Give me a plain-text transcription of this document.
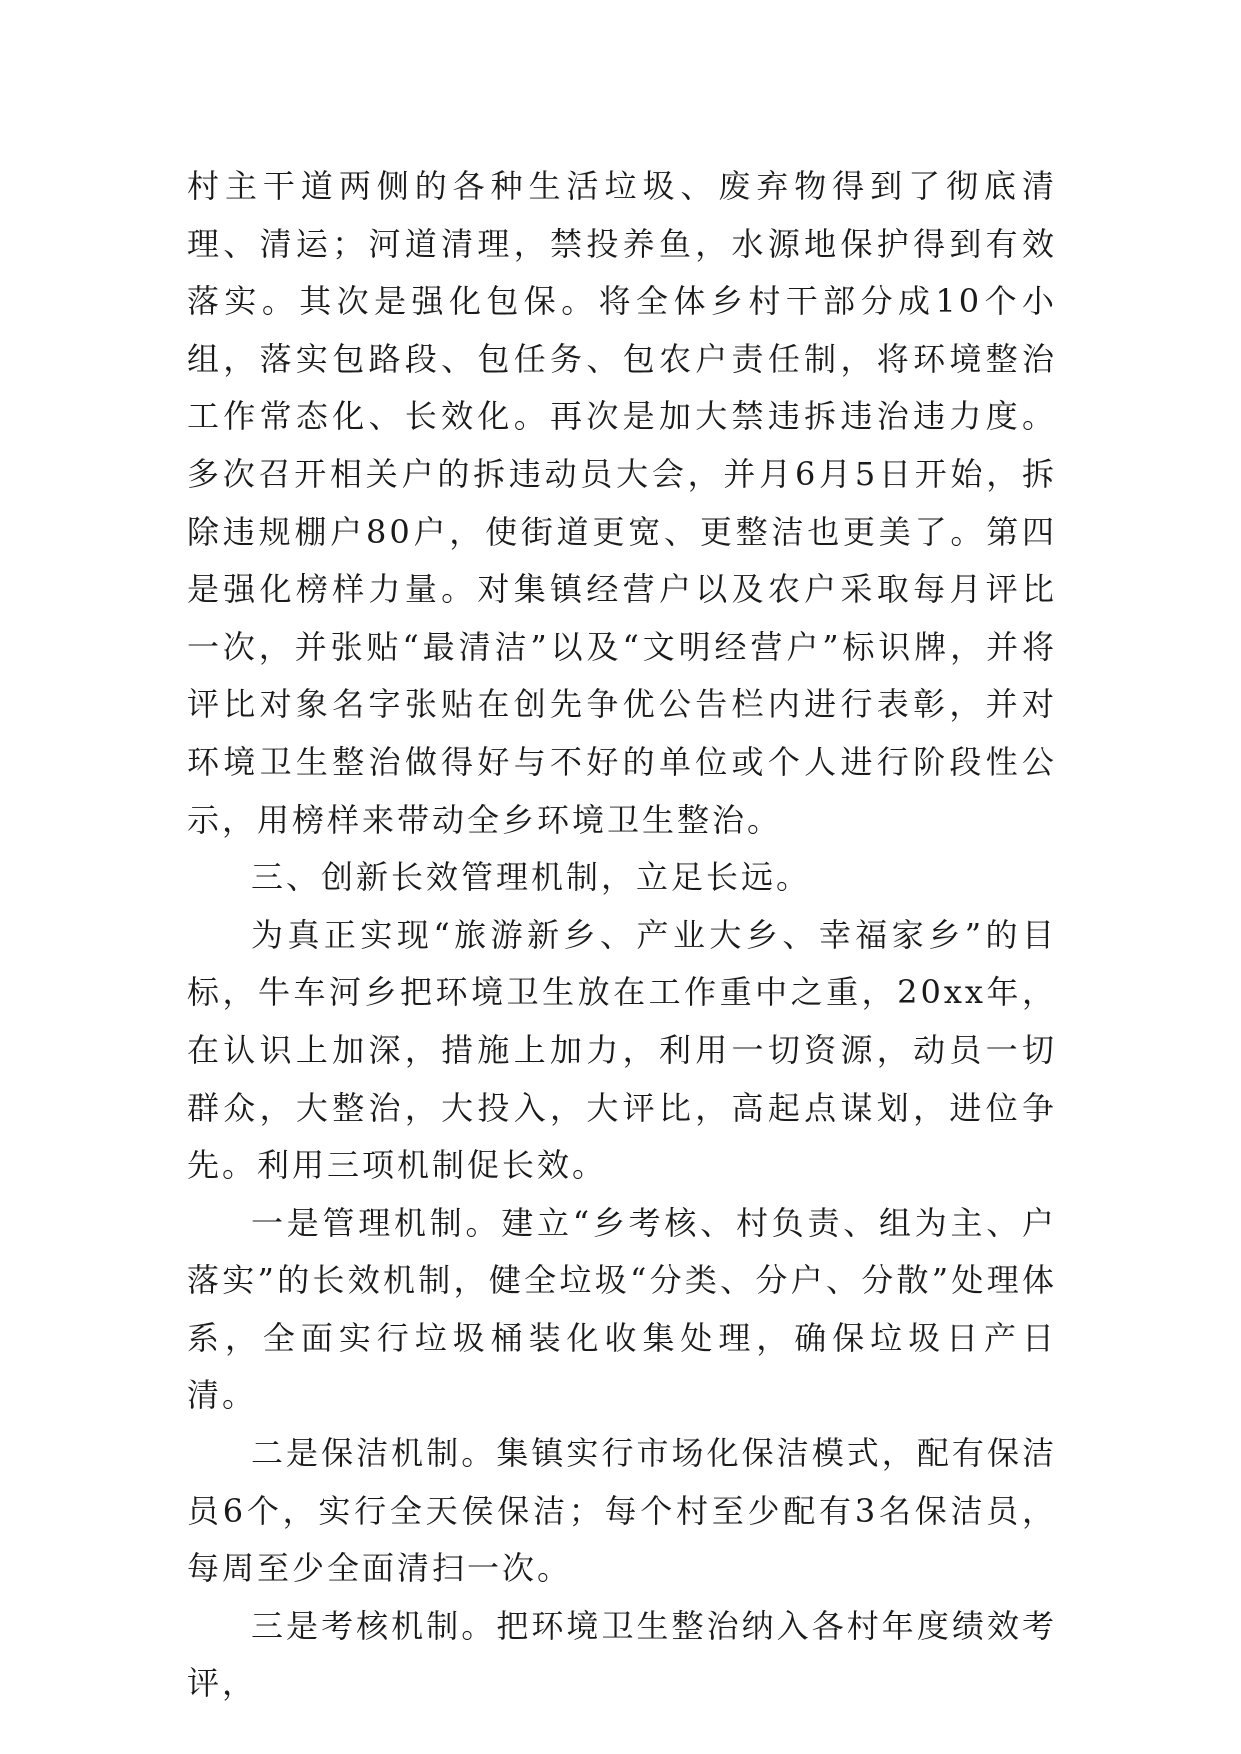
村主干道两侧的各种生活垃圾、废弃物得到了彻底清理、清运；河道清理，禁投养鱼，水源地保护得到有效落实。其次是强化包保。将全体乡村干部分成10个小组，落实包路段、包任务、包农户责任制，将环境整治工作常态化、长效化。再次是加大禁违拆违治违力度。多次召开相关户的拆违动员大会，并月6月5日开始，拆除违规棚户80户，使街道更宽、更整洁也更美了。第四是强化榜样力量。对集镇经营户以及农户采取每月评比一次，并张贴“最清洁”以及“文明经营户”标识牌，并将评比对象名字张贴在创先争优公告栏内进行表彰，并对环境卫生整治做得好与不好的单位或个人进行阶段性公示，用榜样来带动全乡环境卫生整治。

三、创新长效管理机制，立足长远。

为真正实现“旅游新乡、产业大乡、幸福家乡”的目标，牛车河乡把环境卫生放在工作重中之重，20xx年，在认识上加深，措施上加力，利用一切资源，动员一切群众，大整治，大投入，大评比，高起点谋划，进位争先。利用三项机制促长效。

一是管理机制。建立“乡考核、村负责、组为主、户落实”的长效机制，健全垃圾“分类、分户、分散”处理体系，全面实行垃圾桶装化收集处理，确保垃圾日产日清。

二是保洁机制。集镇实行市场化保洁模式，配有保洁员6个，实行全天侯保洁；每个村至少配有3名保洁员，每周至少全面清扫一次。

三是考核机制。把环境卫生整治纳入各村年度绩效考评，
